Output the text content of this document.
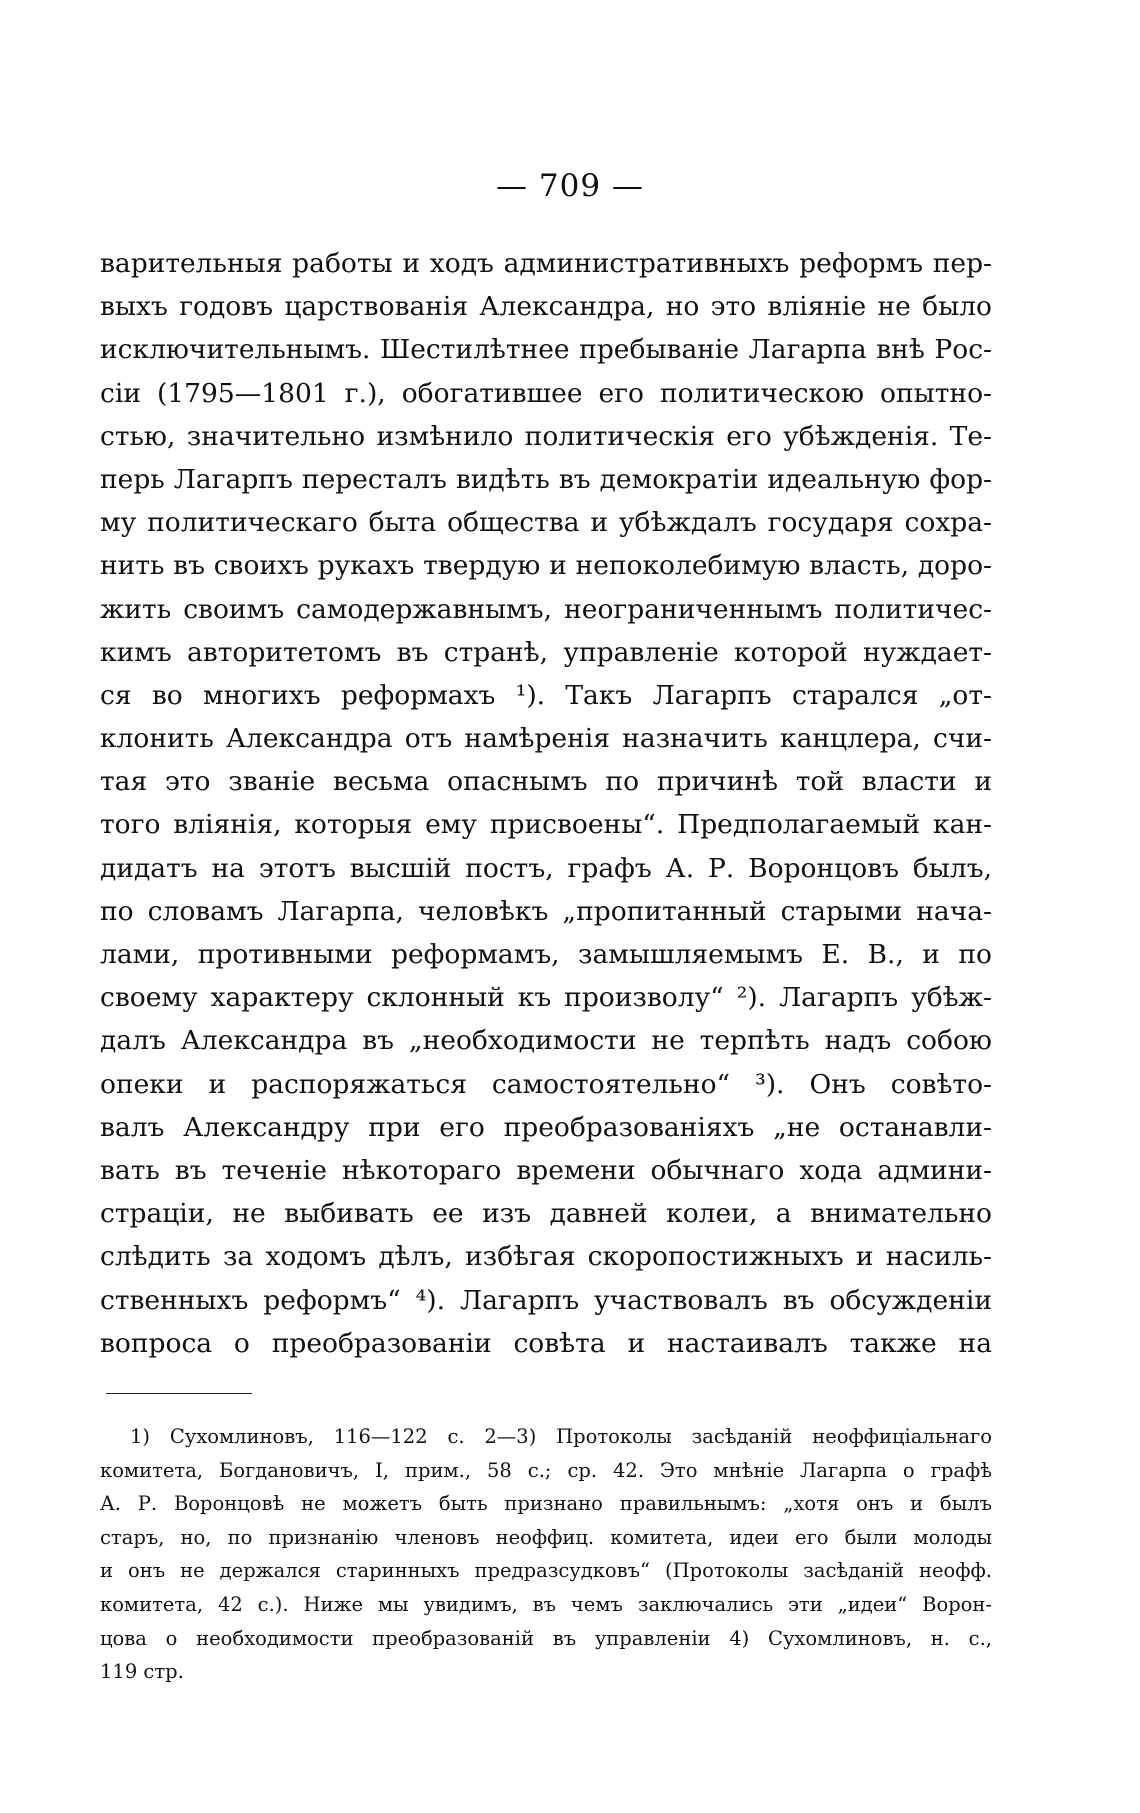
— 709 —
варительныя работы и ходъ административныхъ реформъ пер-
выхъ годовъ царствованія Александра, но это вліяніе не было
исключительнымъ. Шестилѣтнее пребываніе Лагарпа внѣ Рос-
сіи (1795—1801 г.), обогатившее его политическою опытно-
стью, значительно измѣнило политическія его убѣжденія. Те-
перь Лагарпъ пересталъ видѣть въ демократіи идеальную фор-
му политическаго быта общества и убѣждалъ государя сохра-
нить въ своихъ рукахъ твердую и непоколебимую власть, доро-
жить своимъ самодержавнымъ, неограниченнымъ политичес-
кимъ авторитетомъ въ странѣ, управленіе которой нуждает-
ся во многихъ реформахъ ¹). Такъ Лагарпъ старался „от-
клонить Александра отъ намѣренія назначить канцлера, счи-
тая это званіе весьма опаснымъ по причинѣ той власти и
того вліянія, которыя ему присвоены“. Предполагаемый кан-
дидатъ на этотъ высшій постъ, графъ А. Р. Воронцовъ былъ,
по словамъ Лагарпа, человѣкъ „пропитанный старыми нача-
лами, противными реформамъ, замышляемымъ Е. В., и по
своему характеру склонный къ произволу“ ²). Лагарпъ убѣж-
далъ Александра въ „необходимости не терпѣть надъ собою
опеки и распоряжаться самостоятельно“ ³). Онъ совѣто-
валъ Александру при его преобразованіяхъ „не останавли-
вать въ теченіе нѣкотораго времени обычнаго хода админи-
страціи, не выбивать ее изъ давней колеи, а внимательно
слѣдить за ходомъ дѣлъ, избѣгая скоропостижныхъ и насиль-
ственныхъ реформъ“ ⁴). Лагарпъ участвовалъ въ обсужденіи
вопроса о преобразованіи совѣта и настаивалъ также на
1) Сухомлиновъ, 116—122 с. 2—3) Протоколы засѣданій неоффиціальнаго
комитета, Богдановичъ, I, прим., 58 с.; ср. 42. Это мнѣніе Лагарпа о графѣ
А. Р. Воронцовѣ не можетъ быть признано правильнымъ: „хотя онъ и былъ
старъ, но, по признанію членовъ неоффиц. комитета, идеи его были молоды
и онъ не держался старинныхъ предразсудковъ“ (Протоколы засѣданій неофф.
комитета, 42 с.). Ниже мы увидимъ, въ чемъ заключались эти „идеи“ Ворон-
цова о необходимости преобразованій въ управленіи 4) Сухомлиновъ, н. с.,
119 стр.
